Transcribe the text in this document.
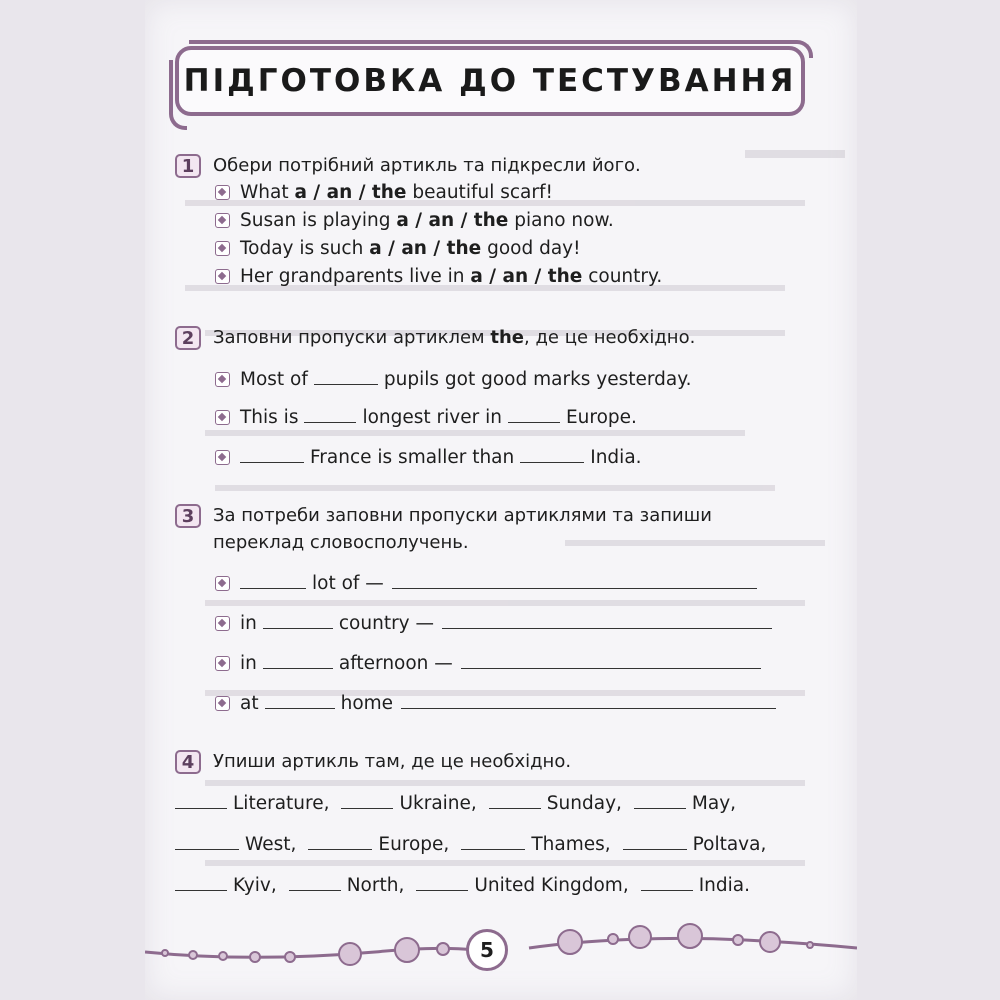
ПІДГОТОВКА ДО ТЕСТУВАННЯ
1	Обери потрібний артикль та підкресли його.
What
a / an / the
beautiful scarf!
Susan is playing
a / an / the
piano now.
Today is such
a / an / the
good day!
Her grandparents live in
a / an / the
country.
2	Заповни пропуски артиклем the, де це необхідно.
Most of	pupils got good marks yesterday.
This is	longest river in	Europe.
France is smaller than	India.
3	За потреби заповни пропуски артиклями та запиши переклад словосполучень.
lot of —
in	country —
in	afternoon —
at	home
4	Упиши артикль там, де це необхідно.
Literature,	Ukraine,	Sunday,	May,
West,	Europe,	Thames,	Poltava,
Kyiv,	North,	United Kingdom,	India.
5
